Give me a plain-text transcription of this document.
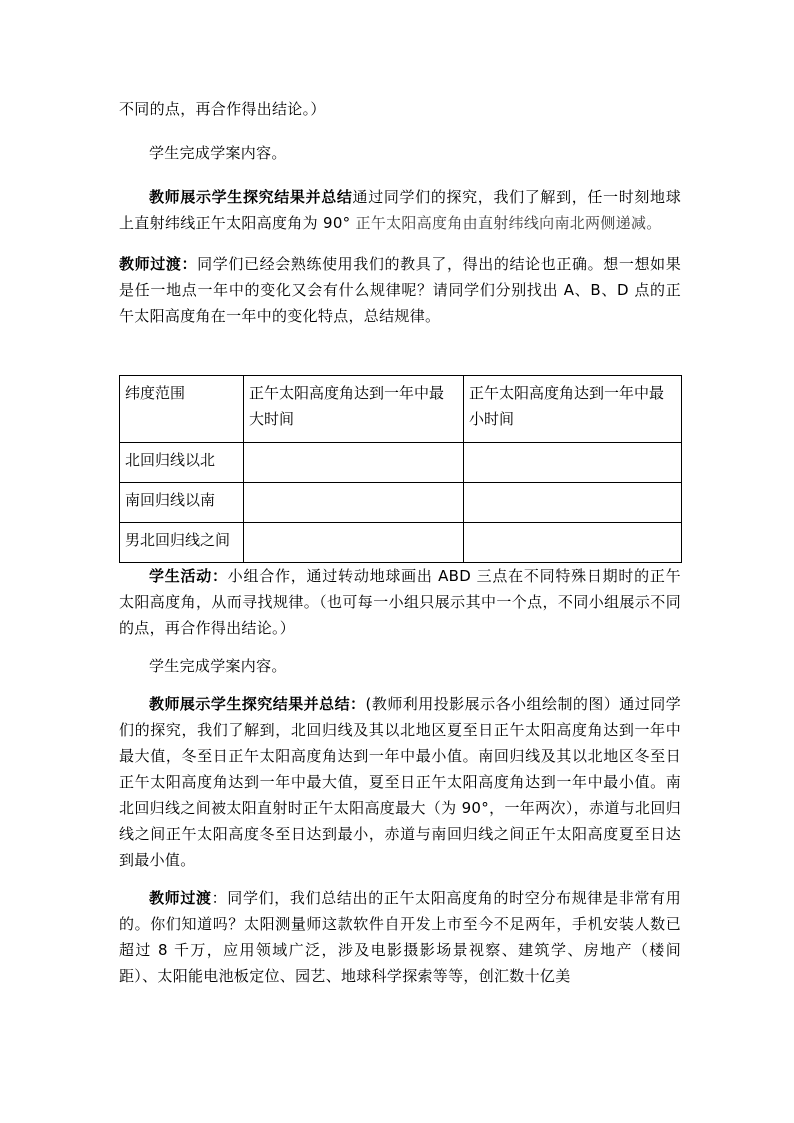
不同的点，再合作得出结论。）

学生完成学案内容。

教师展示学生探究结果并总结通过同学们的探究，我们了解到，任一时刻地球上直射纬线正午太阳高度角为 90° 正午太阳高度角由直射纬线向南北两侧递减。

教师过渡：同学们已经会熟练使用我们的教具了，得出的结论也正确。想一想如果是任一地点一年中的变化又会有什么规律呢？请同学们分别找出 A、B、D 点的正午太阳高度角在一年中的变化特点，总结规律。

纬度范围	正午太阳高度角达到一年中最大时间	正午太阳高度角达到一年中最小时间
北回归线以北		
南回归线以南		
男北回归线之间		

学生活动：小组合作，通过转动地球画出 ABD 三点在不同特殊日期时的正午太阳高度角，从而寻找规律。（也可每一小组只展示其中一个点，不同小组展示不同的点，再合作得出结论。）

学生完成学案内容。

教师展示学生探究结果并总结：(教师利用投影展示各小组绘制的图）通过同学们的探究，我们了解到，北回归线及其以北地区夏至日正午太阳高度角达到一年中最大值，冬至日正午太阳高度角达到一年中最小值。南回归线及其以北地区冬至日正午太阳高度角达到一年中最大值，夏至日正午太阳高度角达到一年中最小值。南北回归线之间被太阳直射时正午太阳高度最大（为 90°，一年两次），赤道与北回归线之间正午太阳高度冬至日达到最小，赤道与南回归线之间正午太阳高度夏至日达到最小值。

教师过渡：同学们，我们总结出的正午太阳高度角的时空分布规律是非常有用的。你们知道吗？太阳测量师这款软件自开发上市至今不足两年，手机安装人数已超过 8 千万，应用领域广泛，涉及电影摄影场景视察、建筑学、房地产（楼间距）、太阳能电池板定位、园艺、地球科学探索等等，创汇数十亿美
